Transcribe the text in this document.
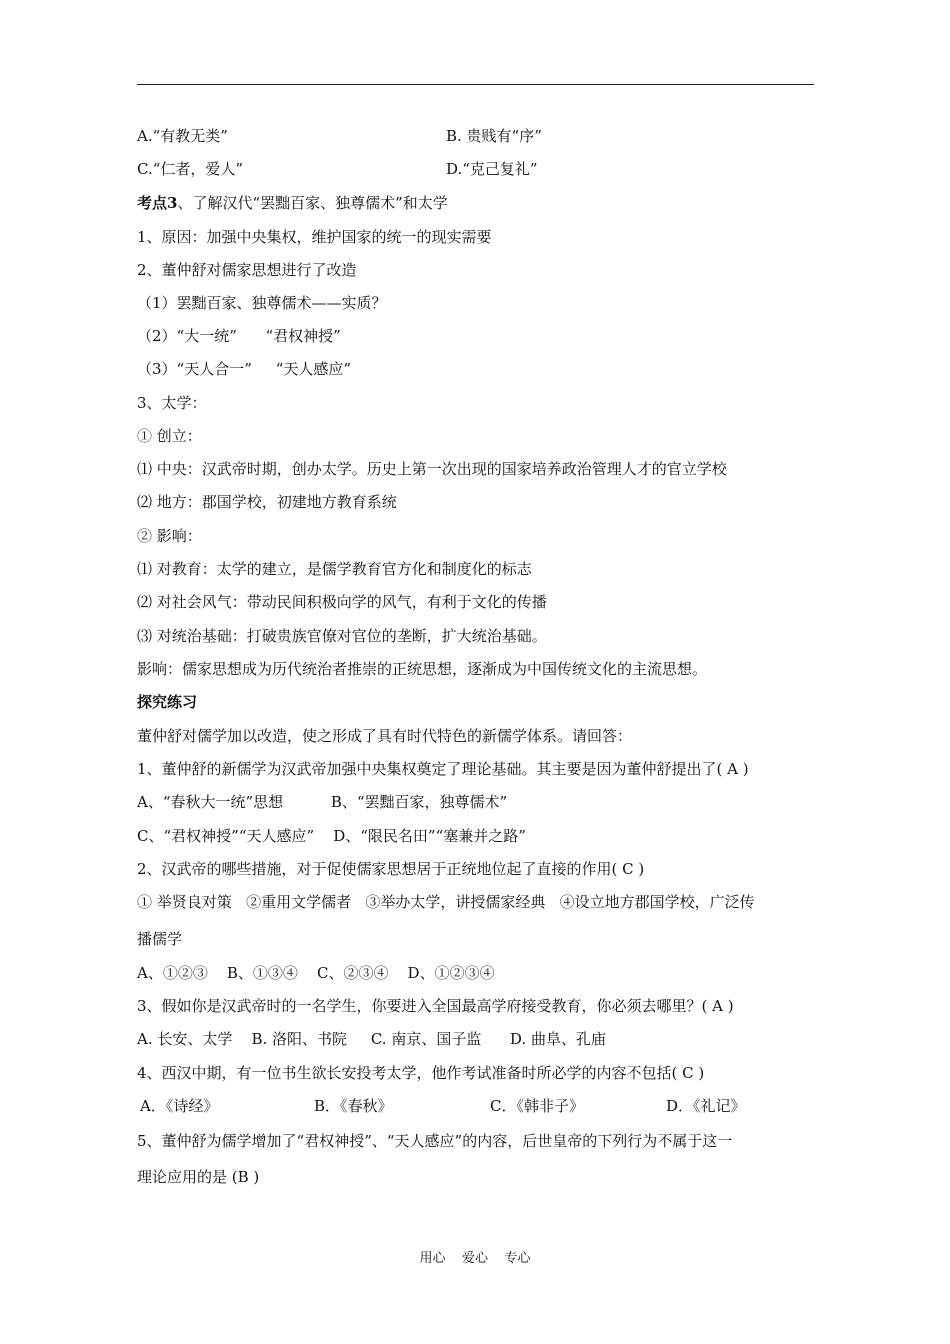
A.“有教无类”	B. 贵贱有“序”
C.“仁者，爱人”	D.“克己复礼”
考点3、了解汉代“罢黜百家、独尊儒术”和太学
1、原因：加强中央集权，维护国家的统一的现实需要
2、董仲舒对儒家思想进行了改造
（1）罢黜百家、独尊儒术——实质？
（2）“大一统”      “君权神授”
（3）“天人合一”     “天人感应”
3、太学：
① 创立：
⑴ 中央：汉武帝时期，创办太学。历史上第一次出现的国家培养政治管理人才的官立学校
⑵ 地方：郡国学校，初建地方教育系统
② 影响：
⑴ 对教育：太学的建立，是儒学教育官方化和制度化的标志
⑵ 对社会风气：带动民间积极向学的风气，有利于文化的传播
⑶ 对统治基础：打破贵族官僚对官位的垄断，扩大统治基础。
影响：儒家思想成为历代统治者推崇的正统思想，逐渐成为中国传统文化的主流思想。
探究练习
董仲舒对儒学加以改造，使之形成了具有时代特色的新儒学体系。请回答：
1、董仲舒的新儒学为汉武帝加强中央集权奠定了理论基础。其主要是因为董仲舒提出了( A )
A、“春秋大一统”思想          B、“罢黜百家，独尊儒术”
C、“君权神授”“天人感应”    D、“限民名田”“塞兼并之路”
2、汉武帝的哪些措施，对于促使儒家思想居于正统地位起了直接的作用( C )
① 举贤良对策   ②重用文学儒者   ③举办太学，讲授儒家经典   ④设立地方郡国学校，广泛传
播儒学
A、①②③    B、①③④    C、②③④    D、①②③④
3、假如你是汉武帝时的一名学生，你要进入全国最高学府接受教育，你必须去哪里？( A )
A. 长安、太学    B. 洛阳、书院     C. 南京、国子监      D. 曲阜、孔庙
4、西汉中期，有一位书生欲长安投考太学，他作考试准备时所必学的内容不包括( C )
A．《诗经》	B．《春秋》	C．《韩非子》	D．《礼记》
5、董仲舒为儒学增加了“君权神授”、“天人感应”的内容，后世皇帝的下列行为不属于这一
理论应用的是 (B )
用心    爱心    专心
